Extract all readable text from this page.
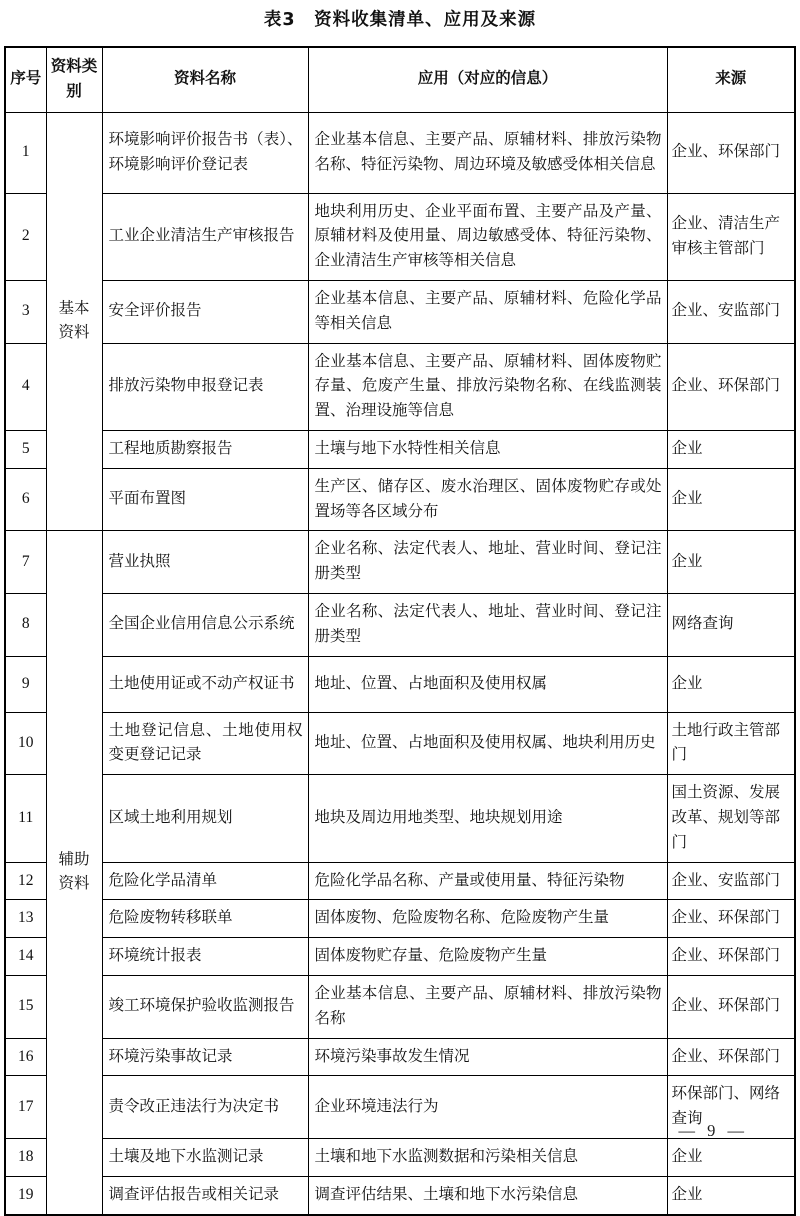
表3　资料收集清单、应用及来源
序号	资料类别	资料名称	应用（对应的信息）	来源
1	基本资料	环境影响评价报告书（表）、环境影响评价登记表	企业基本信息、主要产品、原辅材料、排放污染物名称、特征污染物、周边环境及敏感受体相关信息	企业、环保部门
2		工业企业清洁生产审核报告	地块利用历史、企业平面布置、主要产品及产量、原辅材料及使用量、周边敏感受体、特征污染物、企业清洁生产审核等相关信息	企业、清洁生产审核主管部门
3		安全评价报告	企业基本信息、主要产品、原辅材料、危险化学品等相关信息	企业、安监部门
4		排放污染物申报登记表	企业基本信息、主要产品、原辅材料、固体废物贮存量、危废产生量、排放污染物名称、在线监测装置、治理设施等信息	企业、环保部门
5		工程地质勘察报告	土壤与地下水特性相关信息	企业
6		平面布置图	生产区、储存区、废水治理区、固体废物贮存或处置场等各区域分布	企业
7	辅助资料	营业执照	企业名称、法定代表人、地址、营业时间、登记注册类型	企业
8		全国企业信用信息公示系统	企业名称、法定代表人、地址、营业时间、登记注册类型	网络查询
9		土地使用证或不动产权证书	地址、位置、占地面积及使用权属	企业
10		土地登记信息、土地使用权变更登记记录	地址、位置、占地面积及使用权属、地块利用历史	土地行政主管部门
11		区域土地利用规划	地块及周边用地类型、地块规划用途	国土资源、发展改革、规划等部门
12		危险化学品清单	危险化学品名称、产量或使用量、特征污染物	企业、安监部门
13		危险废物转移联单	固体废物、危险废物名称、危险废物产生量	企业、环保部门
14		环境统计报表	固体废物贮存量、危险废物产生量	企业、环保部门
15		竣工环境保护验收监测报告	企业基本信息、主要产品、原辅材料、排放污染物名称	企业、环保部门
16		环境污染事故记录	环境污染事故发生情况	企业、环保部门
17		责令改正违法行为决定书	企业环境违法行为	环保部门、网络查询
18		土壤及地下水监测记录	土壤和地下水监测数据和污染相关信息	企业
19		调查评估报告或相关记录	调查评估结果、土壤和地下水污染信息	企业
— 9 —
